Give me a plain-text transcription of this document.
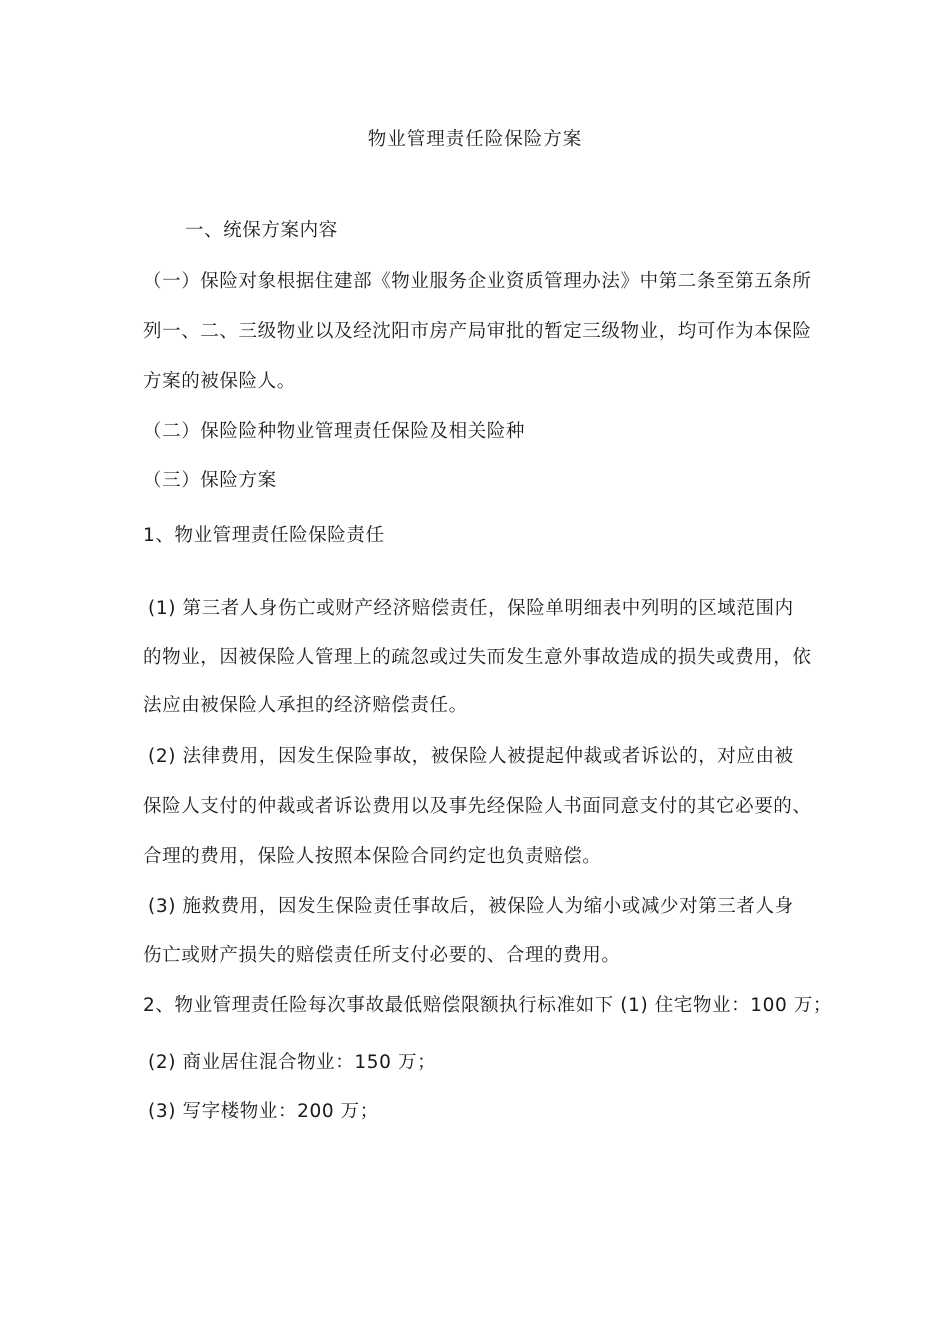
物业管理责任险保险方案
一、统保方案内容
（一）保险对象根据住建部《物业服务企业资质管理办法》中第二条至第五条所
列一、二、三级物业以及经沈阳市房产局审批的暂定三级物业，均可作为本保险
方案的被保险人。
（二）保险险种物业管理责任保险及相关险种
（三）保险方案
1、物业管理责任险保险责任
(1) 第三者人身伤亡或财产经济赔偿责任，保险单明细表中列明的区域范围内
的物业，因被保险人管理上的疏忽或过失而发生意外事故造成的损失或费用，依
法应由被保险人承担的经济赔偿责任。
(2) 法律费用，因发生保险事故，被保险人被提起仲裁或者诉讼的，对应由被
保险人支付的仲裁或者诉讼费用以及事先经保险人书面同意支付的其它必要的、
合理的费用，保险人按照本保险合同约定也负责赔偿。
(3) 施救费用，因发生保险责任事故后，被保险人为缩小或减少对第三者人身
伤亡或财产损失的赔偿责任所支付必要的、合理的费用。
2、物业管理责任险每次事故最低赔偿限额执行标准如下 (1) 住宅物业：100 万；
(2) 商业居住混合物业：150 万；
(3) 写字楼物业：200 万；
